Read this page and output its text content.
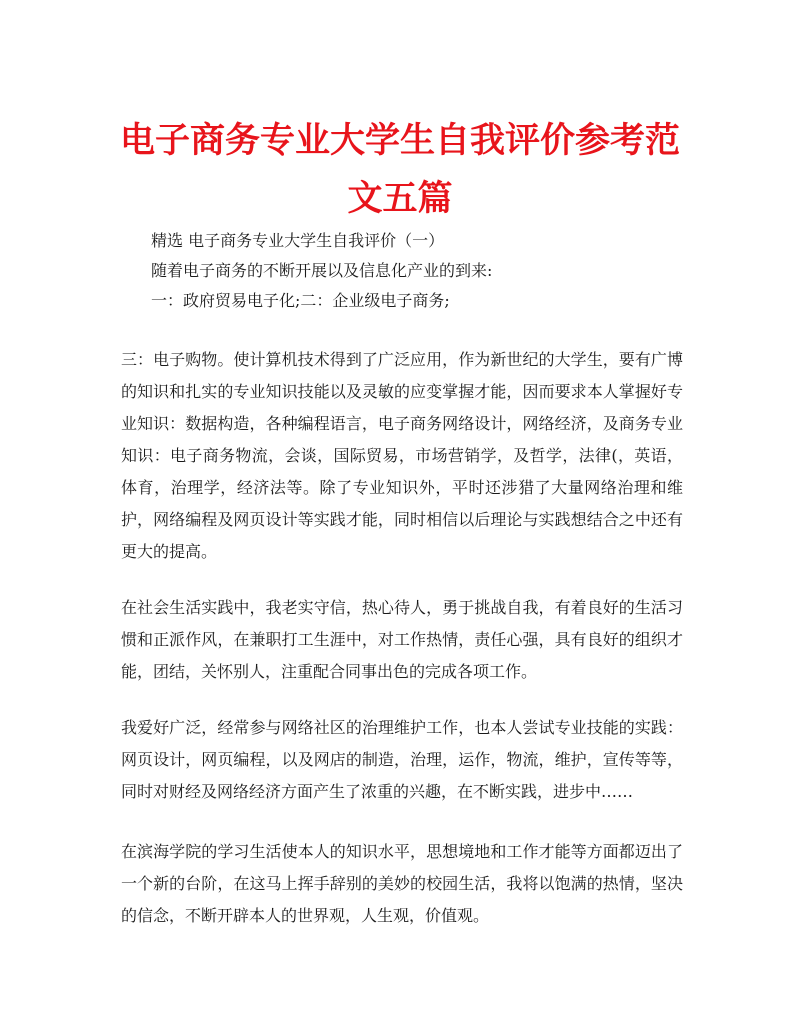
电子商务专业大学生自我评价参考范文五篇

精选 电子商务专业大学生自我评价（一）

随着电子商务的不断开展以及信息化产业的到来:

一：政府贸易电子化;二：企业级电子商务;

三：电子购物。使计算机技术得到了广泛应用，作为新世纪的大学生，要有广博的知识和扎实的专业知识技能以及灵敏的应变掌握才能，因而要求本人掌握好专业知识：数据构造，各种编程语言，电子商务网络设计，网络经济，及商务专业知识：电子商务物流，会谈，国际贸易，市场营销学，及哲学，法律(，英语，体育，治理学，经济法等。除了专业知识外，平时还涉猎了大量网络治理和维护，网络编程及网页设计等实践才能，同时相信以后理论与实践想结合之中还有更大的提高。

在社会生活实践中，我老实守信，热心待人，勇于挑战自我，有着良好的生活习惯和正派作风，在兼职打工生涯中，对工作热情，责任心强，具有良好的组织才能，团结，关怀别人，注重配合同事出色的完成各项工作。

我爱好广泛，经常参与网络社区的治理维护工作，也本人尝试专业技能的实践：网页设计，网页编程，以及网店的制造，治理，运作，物流，维护，宣传等等，同时对财经及网络经济方面产生了浓重的兴趣，在不断实践，进步中……

在滨海学院的学习生活使本人的知识水平，思想境地和工作才能等方面都迈出了一个新的台阶，在这马上挥手辞别的美妙的校园生活，我将以饱满的热情，坚决的信念，不断开辟本人的世界观，人生观，价值观。
